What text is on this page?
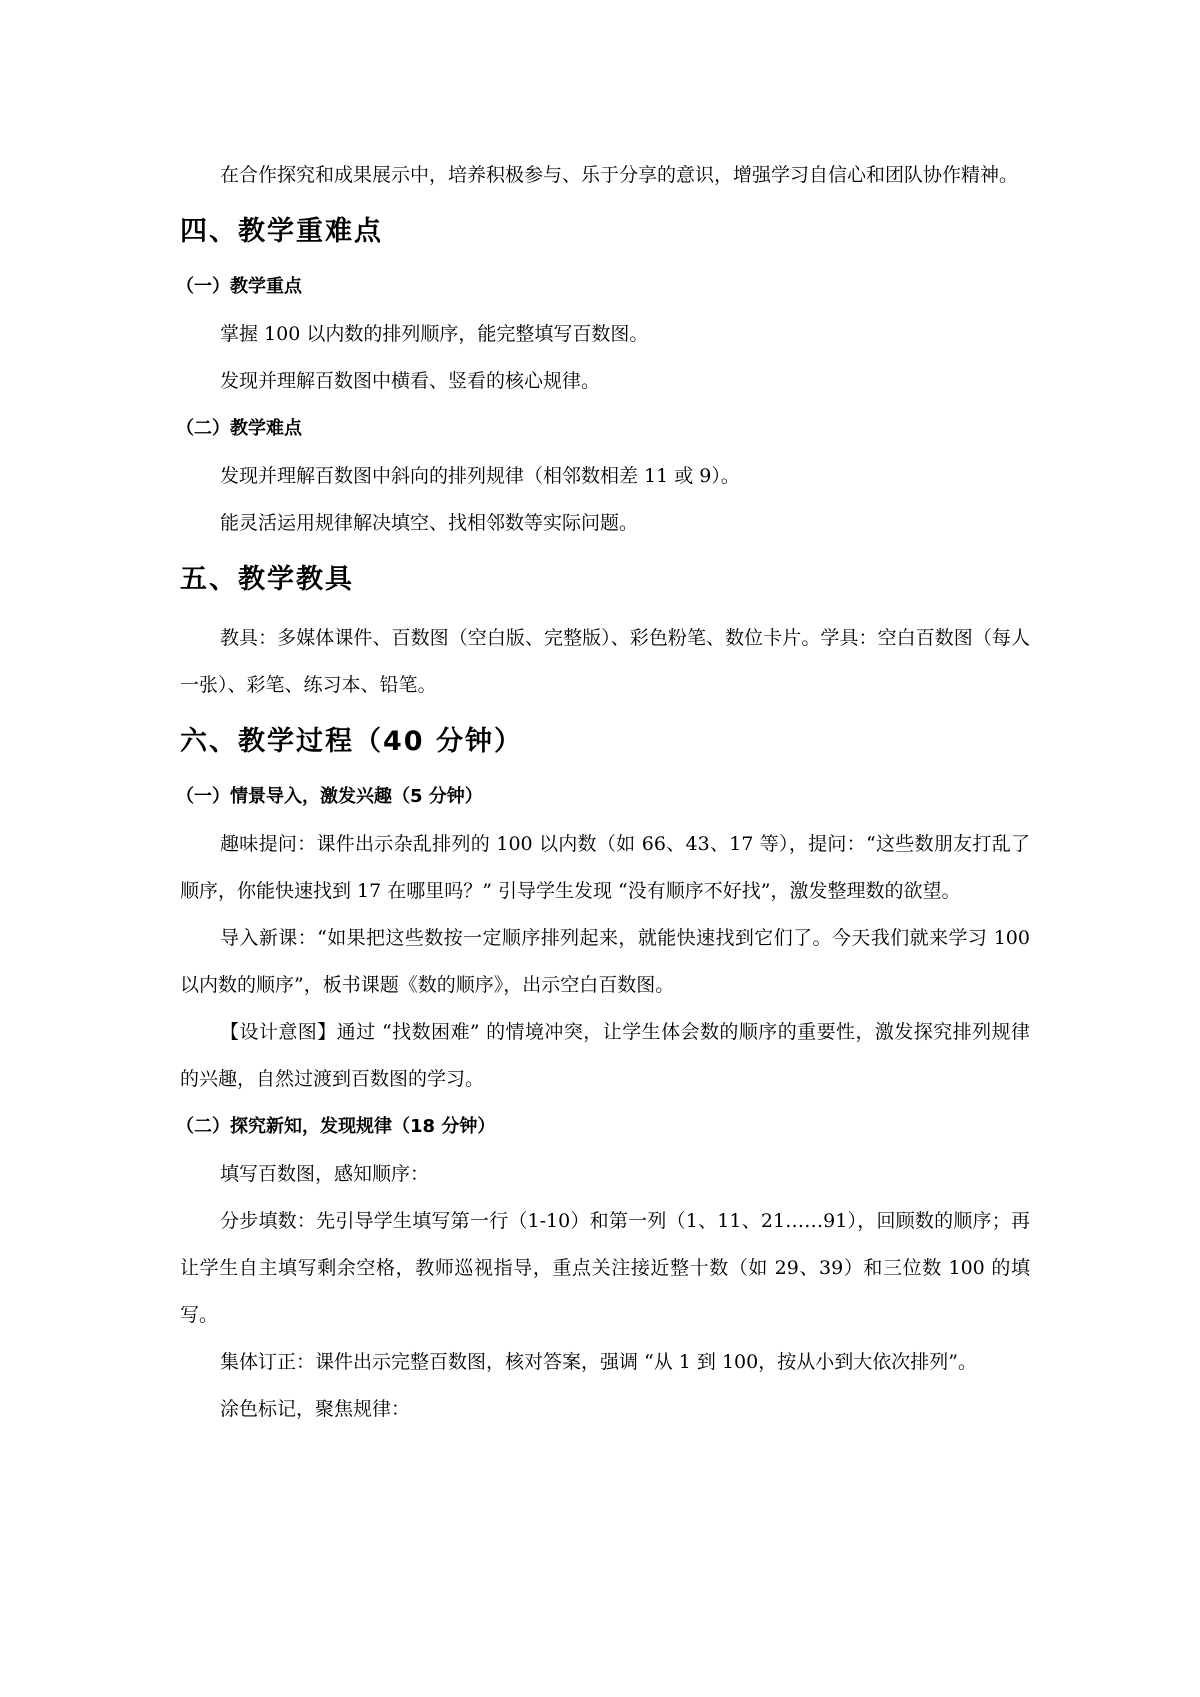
在合作探究和成果展示中，培养积极参与、乐于分享的意识，增强学习自信心和团队协作精神。

四、教学重难点
（一）教学重点

掌握 100 以内数的排列顺序，能完整填写百数图。

发现并理解百数图中横看、竖看的核心规律。

（二）教学难点

发现并理解百数图中斜向的排列规律（相邻数相差 11 或 9）。

能灵活运用规律解决填空、找相邻数等实际问题。

五、教学教具

教具：多媒体课件、百数图（空白版、完整版）、彩色粉笔、数位卡片。学具：空白百数图（每人一张）、彩笔、练习本、铅笔。

六、教学过程（40 分钟）
（一）情景导入，激发兴趣（5 分钟）

趣味提问：课件出示杂乱排列的 100 以内数（如 66、43、17 等），提问：“这些数朋友打乱了顺序，你能快速找到 17 在哪里吗？” 引导学生发现 “没有顺序不好找”，激发整理数的欲望。

导入新课：“如果把这些数按一定顺序排列起来，就能快速找到它们了。今天我们就来学习 100 以内数的顺序”，板书课题《数的顺序》，出示空白百数图。

【设计意图】通过 “找数困难” 的情境冲突，让学生体会数的顺序的重要性，激发探究排列规律的兴趣，自然过渡到百数图的学习。

（二）探究新知，发现规律（18 分钟）

填写百数图，感知顺序：

分步填数：先引导学生填写第一行（1-10）和第一列（1、11、21……91），回顾数的顺序；再让学生自主填写剩余空格，教师巡视指导，重点关注接近整十数（如 29、39）和三位数 100 的填写。

集体订正：课件出示完整百数图，核对答案，强调 “从 1 到 100，按从小到大依次排列”。

涂色标记，聚焦规律：
